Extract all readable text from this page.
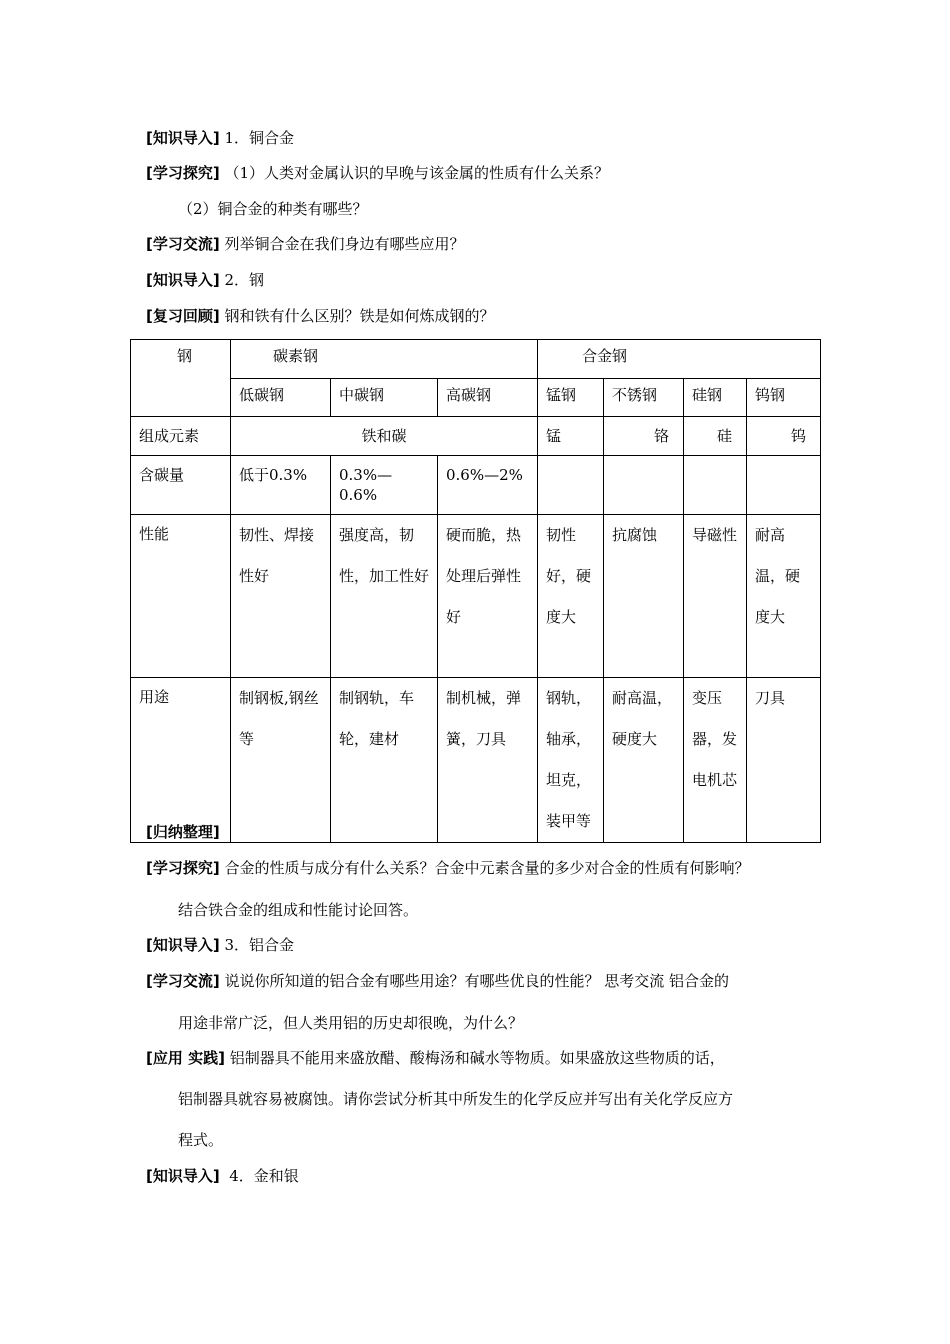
[知识导入] 1．铜合金
[学习探究] （1）人类对金属认识的早晚与该金属的性质有什么关系？
（2）铜合金的种类有哪些？
[学习交流] 列举铜合金在我们身边有哪些应用？
[知识导入] 2．钢
[复习回顾] 钢和铁有什么区别？铁是如何炼成钢的？
钢	碳素钢			合金钢			
	低碳钢	中碳钢	高碳钢	锰钢	不锈钢	硅钢	钨钢
组成元素	铁和碳			锰	铬	硅	钨
含碳量	低于0.3%	0.3%—0.6%	0.6%—2%				
性能	韧性、焊接性好	强度高，韧性，加工性好	硬而脆，热处理后弹性好	韧性好，硬度大	抗腐蚀	导磁性	耐高温，硬度大
用途	制钢板,钢丝等	制钢轨，车轮，建材	制机械，弹簧，刀具	钢轨，轴承，坦克，装甲等	耐高温，硬度大	变压器，发电机芯	刀具
[归纳整理]
[学习探究] 合金的性质与成分有什么关系？合金中元素含量的多少对合金的性质有何影响？
结合铁合金的组成和性能讨论回答。
[知识导入] 3．铝合金
[学习交流] 说说你所知道的铝合金有哪些用途？有哪些优良的性能？ 思考交流 铝合金的
用途非常广泛，但人类用铝的历史却很晚，为什么？
[应用 实践] 铝制器具不能用来盛放醋、酸梅汤和碱水等物质。如果盛放这些物质的话，
铝制器具就容易被腐蚀。请你尝试分析其中所发生的化学反应并写出有关化学反应方
程式。
[知识导入]  4．金和银
